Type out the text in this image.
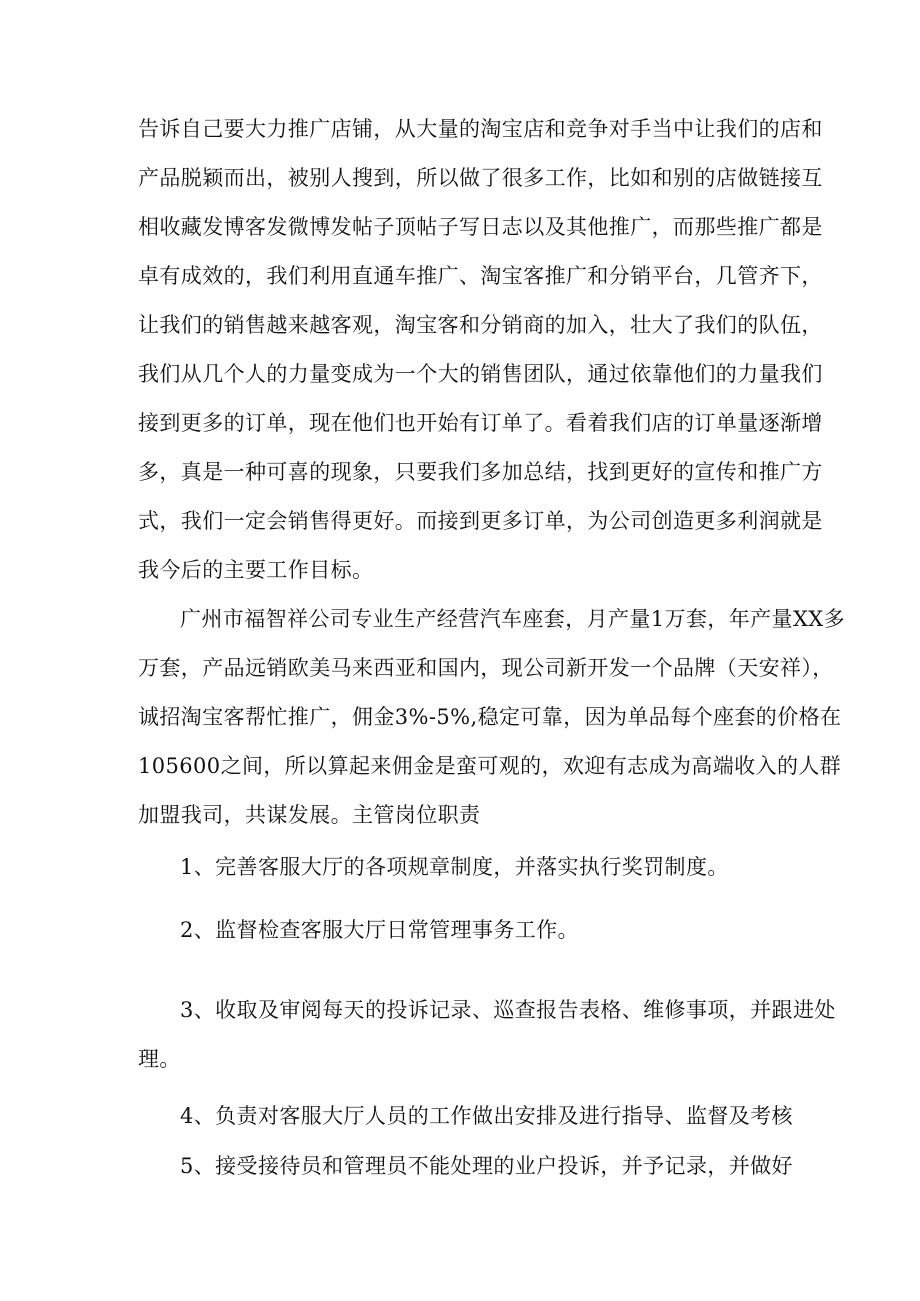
告诉自己要大力推广店铺，从大量的淘宝店和竞争对手当中让我们的店和
产品脱颖而出，被别人搜到，所以做了很多工作，比如和别的店做链接互
相收藏发博客发微博发帖子顶帖子写日志以及其他推广，而那些推广都是
卓有成效的，我们利用直通车推广、淘宝客推广和分销平台，几管齐下，
让我们的销售越来越客观，淘宝客和分销商的加入，壮大了我们的队伍，
我们从几个人的力量变成为一个大的销售团队，通过依靠他们的力量我们
接到更多的订单，现在他们也开始有订单了。看着我们店的订单量逐渐增
多，真是一种可喜的现象，只要我们多加总结，找到更好的宣传和推广方
式，我们一定会销售得更好。而接到更多订单，为公司创造更多利润就是
我今后的主要工作目标。
广州市福智祥公司专业生产经营汽车座套，月产量1万套，年产量XX多
万套，产品远销欧美马来西亚和国内，现公司新开发一个品牌（天安祥），
诚招淘宝客帮忙推广，佣金3%-5%,稳定可靠，因为单品每个座套的价格在
105600之间，所以算起来佣金是蛮可观的，欢迎有志成为高端收入的人群
加盟我司，共谋发展。主管岗位职责
1、完善客服大厅的各项规章制度，并落实执行奖罚制度。
2、监督检查客服大厅日常管理事务工作。
3、收取及审阅每天的投诉记录、巡查报告表格、维修事项，并跟进处
理。
4、负责对客服大厅人员的工作做出安排及进行指导、监督及考核
5、接受接待员和管理员不能处理的业户投诉，并予记录，并做好
